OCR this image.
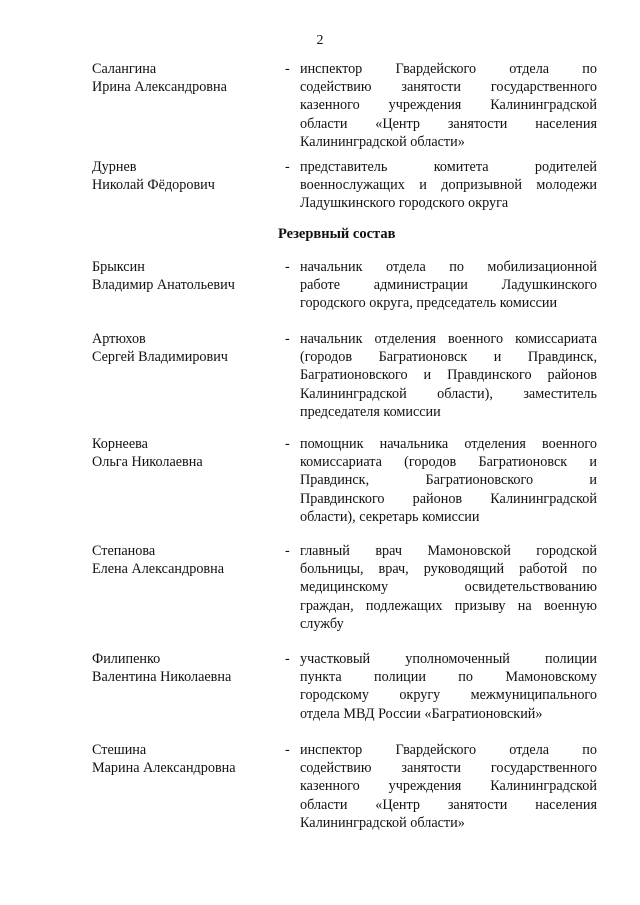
2
Салангина
Ирина Александровна
- инспектор Гвардейского отдела по
содействию занятости государственного
казенного учреждения Калининградской
области «Центр занятости населения
Калининградской области»
Дурнев
Николай Фёдорович
- представитель комитета родителей
военнослужащих и допризывной молодежи
Ладушкинского городского округа
Резервный состав
Брыксин
Владимир Анатольевич
- начальник отдела по мобилизационной
работе администрации Ладушкинского
городского округа, председатель комиссии
Артюхов
Сергей Владимирович
- начальник отделения военного комиссариата
(городов Багратионовск и Правдинск,
Багратионовского и Правдинского районов
Калининградской области), заместитель
председателя комиссии
Корнеева
Ольга Николаевна
- помощник начальника отделения военного
комиссариата (городов Багратионовск и
Правдинск, Багратионовского и
Правдинского районов Калининградской
области), секретарь комиссии
Степанова
Елена Александровна
- главный врач Мамоновской городской
больницы, врач, руководящий работой по
медицинскому освидетельствованию
граждан, подлежащих призыву на военную
службу
Филипенко
Валентина Николаевна
- участковый уполномоченный полиции
пункта полиции по Мамоновскому
городскому округу межмуниципального
отдела МВД России «Багратионовский»
Стешина
Марина Александровна
- инспектор Гвардейского отдела по
содействию занятости государственного
казенного учреждения Калининградской
области «Центр занятости населения
Калининградской области»
